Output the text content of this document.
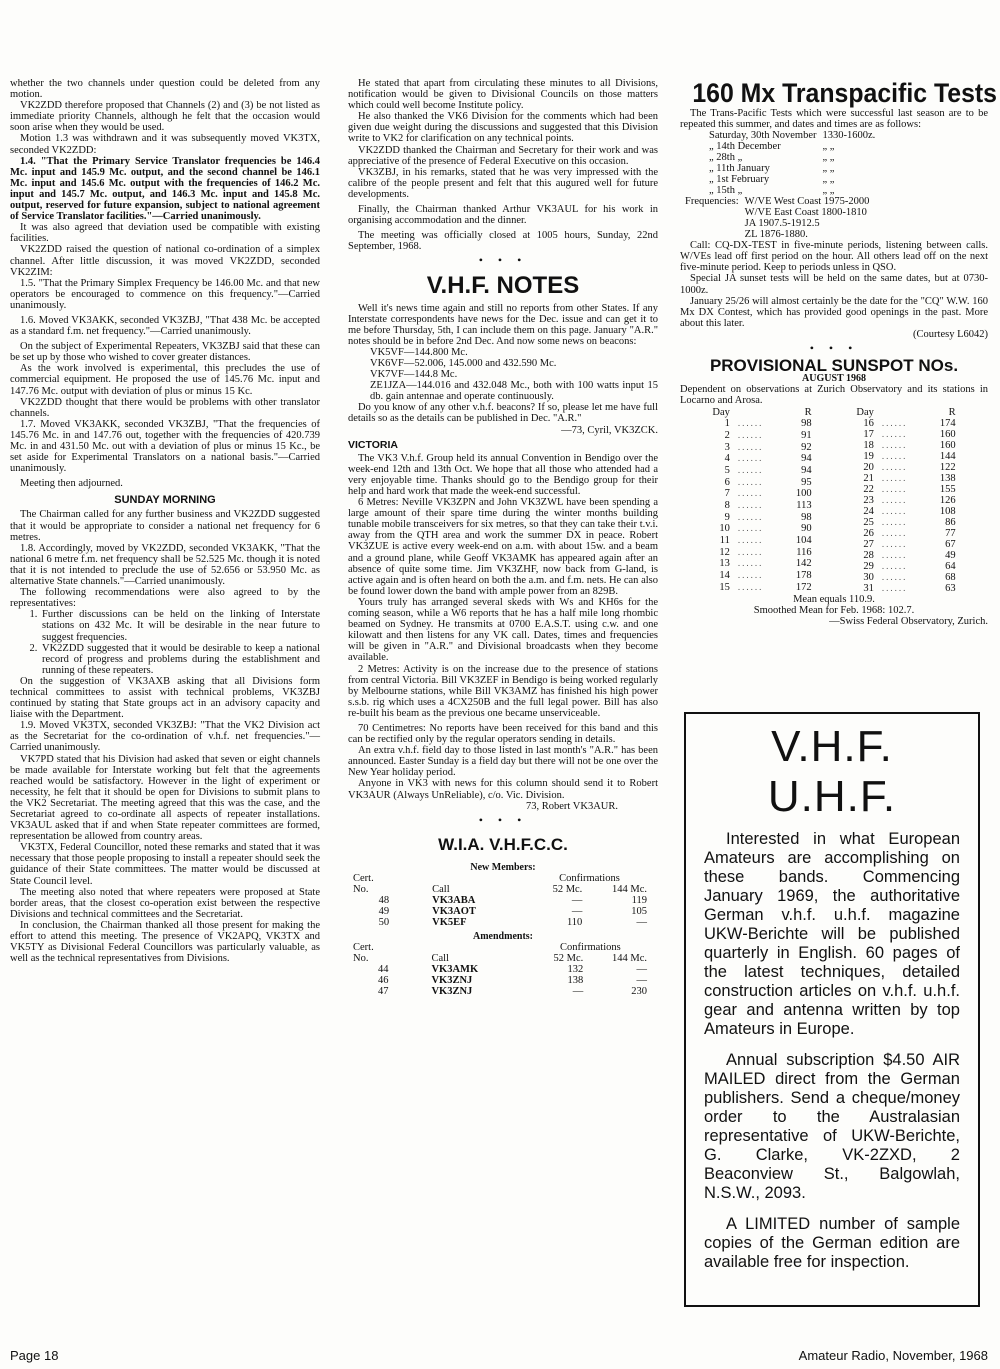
whether the two channels under question could be deleted from any motion.

VK2ZDD therefore proposed that Channels (2) and (3) be not listed as immediate priority Channels, although he felt that the occasion would soon arise when they would be used.

Motion 1.3 was withdrawn and it was subsequently moved VK3TX, seconded VK2ZDD:

1.4. "That the Primary Service Translator frequencies be 146.4 Mc. input and 145.9 Mc. output, and the second channel be 146.1 Mc. input and 145.6 Mc. output with the frequencies of 146.2 Mc. input and 145.7 Mc. output, and 146.3 Mc. input and 145.8 Mc. output, reserved for future expansion, subject to national agreement of Service Translator facilities."—Carried unanimously.

It was also agreed that deviation used be compatible with existing facilities.

VK2ZDD raised the question of national co-ordination of a simplex channel. After little discussion, it was moved VK2ZDD, seconded VK2ZIM:

1.5. "That the Primary Simplex Frequency be 146.00 Mc. and that new operators be encouraged to commence on this frequency."—Carried unanimously.

1.6. Moved VK3AKK, seconded VK3ZBJ, "That 438 Mc. be accepted as a standard f.m. net frequency."—Carried unanimously.

On the subject of Experimental Repeaters, VK3ZBJ said that these can be set up by those who wished to cover greater distances.

As the work involved is experimental, this precludes the use of commercial equipment. He proposed the use of 145.76 Mc. input and 147.76 Mc. output with deviation of plus or minus 15 Kc.

VK2ZDD thought that there would be problems with other translator channels.

1.7. Moved VK3AKK, seconded VK3ZBJ, "That the frequencies of 145.76 Mc. in and 147.76 out, together with the frequencies of 420.739 Mc. in and 431.50 Mc. out with a deviation of plus or minus 15 Kc., be set aside for Experimental Translators on a national basis."—Carried unanimously.

Meeting then adjourned.

SUNDAY MORNING

The Chairman called for any further business and VK2ZDD suggested that it would be appropriate to consider a national net frequency for 6 metres.

1.8. Accordingly, moved by VK2ZDD, seconded VK3AKK, "That the national 6 metre f.m. net frequency shall be 52.525 Mc. though it is noted that it is not intended to preclude the use of 52.656 or 53.950 Mc. as alternative State channels."—Carried unanimously.

The following recommendations were also agreed to by the representatives:

1. Further discussions can be held on the linking of Interstate stations on 432 Mc. It will be desirable in the near future to suggest frequencies.
2. VK2ZDD suggested that it would be desirable to keep a national record of progress and problems during the establishment and running of these repeaters.

On the suggestion of VK3AXB asking that all Divisions form technical committees to assist with technical problems, VK3ZBJ continued by stating that State groups act in an advisory capacity and liaise with the Department.

1.9. Moved VK3TX, seconded VK3ZBJ: "That the VK2 Division act as the Secretariat for the co-ordination of v.h.f. net frequencies."—Carried unanimously.

VK7PD stated that his Division had asked that seven or eight channels be made available for Interstate working but felt that the agreements reached would be satisfactory. However in the light of experiment or necessity, he felt that it should be open for Divisions to submit plans to the VK2 Secretariat. The meeting agreed that this was the case, and the Secretariat agreed to co-ordinate all aspects of repeater installations. VK3AUL asked that if and when State repeater committees are formed, representation be allowed from country areas.

VK3TX, Federal Councillor, noted these remarks and stated that it was necessary that those people proposing to install a repeater should seek the guidance of their State committees. The matter would be discussed at State Council level.

The meeting also noted that where repeaters were proposed at State border areas, that the closest co-operation exist between the respective Divisions and technical committees and the Secretariat.

In conclusion, the Chairman thanked all those present for making the effort to attend this meeting. The presence of VK2APQ, VK3TX and VK5TY as Divisional Federal Councillors was particularly valuable, as well as the technical representatives from Divisions.

He stated that apart from circulating these minutes to all Divisions, notification would be given to Divisional Councils on those matters which could well become Institute policy.

He also thanked the VK6 Division for the comments which had been given due weight during the discussions and suggested that this Division write to VK2 for clarification on any technical points.

VK2ZDD thanked the Chairman and Secretary for their work and was appreciative of the presence of Federal Executive on this occasion.

VK3ZBJ, in his remarks, stated that he was very impressed with the calibre of the people present and felt that this augured well for future developments.

Finally, the Chairman thanked Arthur VK3AUL for his work in organising accommodation and the dinner.

The meeting was officially closed at 1005 hours, Sunday, 22nd September, 1968.

• • •
V.H.F. NOTES

Well it's news time again and still no reports from other States. If any Interstate correspondents have news for the Dec. issue and can get it to me before Thursday, 5th, I can include them on this page. January "A.R." notes should be in before 2nd Dec. And now some news on beacons:

VK5VF—144.800 Mc.
VK6VF—52.006, 145.000 and 432.590 Mc.
VK7VF—144.8 Mc.
ZE1JZA—144.016 and 432.048 Mc., both with 100 watts input 15 db. gain antennae and operate continuously.

Do you know of any other v.h.f. beacons? If so, please let me have full details so as the details can be published in Dec. "A.R."

—73, Cyril, VK3ZCK.
VICTORIA

The VK3 V.h.f. Group held its annual Convention in Bendigo over the week-end 12th and 13th Oct. We hope that all those who attended had a very enjoyable time. Thanks should go to the Bendigo group for their help and hard work that made the week-end successful.

6 Metres: Neville VK3ZPN and John VK3ZWL have been spending a large amount of their spare time during the winter months building tunable mobile transceivers for six metres, so that they can take their t.v.i. away from the QTH area and work the summer DX in peace. Robert VK3ZUE is active every week-end on a.m. with about 15w. and a beam and a ground plane, while Geoff VK3AMK has appeared again after an absence of quite some time. Jim VK3ZHF, now back from G-land, is active again and is often heard on both the a.m. and f.m. nets. He can also be found lower down the band with ample power from an 829B.

Yours truly has arranged several skeds with Ws and KH6s for the coming season, while a W6 reports that he has a half mile long rhombic beamed on Sydney. He transmits at 0700 E.A.S.T. using c.w. and one kilowatt and then listens for any VK call. Dates, times and frequencies will be given in "A.R." and Divisional broadcasts when they become available.

2 Metres: Activity is on the increase due to the presence of stations from central Victoria. Bill VK3ZEF in Bendigo is being worked regularly by Melbourne stations, while Bill VK3AMZ has finished his high power s.s.b. rig which uses a 4CX250B and the full legal power. Bill has also re-built his beam as the previous one became unserviceable.

70 Centimetres: No reports have been received for this band and this can be rectified only by the regular operators sending in details.

An extra v.h.f. field day to those listed in last month's "A.R." has been announced. Easter Sunday is a field day but there will not be one over the New Year holiday period.

Anyone in VK3 with news for this column should send it to Robert VK3AUR (Always UnReliable), c/o. Vic. Division.

73, Robert VK3AUR.
• • •
W.I.A. V.H.F.C.C.
New Members:
Cert.		Confirmations	
No.	Call	52 Mc.	144 Mc.
48	VK3ABA	—	119
49	VK3AOT	—	105
50	VK5EF	110	—
Amendments:
Cert.		Confirmations	
No.	Call	52 Mc.	144 Mc.
44	VK3AMK	132	—
46	VK3ZNJ	138	—
47	VK3ZNJ	—	230
160 Mx Transpacific Tests

The Trans-Pacific Tests which were successful last season are to be repeated this summer, and dates and times are as follows:

Saturday, 30th November	1330-1600z.
„ 14th December	„ „
„ 28th „	„ „
„ 11th January	„ „
„ 1st February	„ „
„ 15th „	„ „
Frequencies:	W/VE West Coast 1975-2000
	W/VE East Coast 1800-1810
	JA 1907.5-1912.5
	ZL 1876-1880.

Call: CQ-DX-TEST in five-minute periods, listening between calls. W/VEs lead off first period on the hour. All others lead off on the next five-minute period. Keep to periods unless in QSO.

Special JA sunset tests will be held on the same dates, but at 0730-1000z.

January 25/26 will almost certainly be the date for the "CQ" W.W. 160 Mx DX Contest, which has provided good openings in the past. More about this later.

(Courtesy L6042)
• • •
PROVISIONAL SUNSPOT NOs.
AUGUST 1968

Dependent on observations at Zurich Observatory and its stations in Locarno and Arosa.

Day		R
1	......	98
2	......	91
3	......	92
4	......	94
5	......	94
6	......	95
7	......	100
8	......	113
9	......	98
10	......	90
11	......	104
12	......	116
13	......	142
14	......	178
15	......	172
Day		R
16	......	174
17	......	160
18	......	160
19	......	144
20	......	122
21	......	138
22	......	155
23	......	126
24	......	108
25	......	86
26	......	77
27	......	67
28	......	49
29	......	64
30	......	68
31	......	63
Mean equals 110.9.
Smoothed Mean for Feb. 1968: 102.7.
—Swiss Federal Observatory, Zurich.
V.H.F. U.H.F.

Interested in what European Amateurs are accomplishing on these bands. Commencing January 1969, the authoritative German v.h.f. u.h.f. magazine UKW-Berichte will be published quarterly in English. 60 pages of the latest techniques, detailed construction articles on v.h.f. u.h.f. gear and antenna written by top Amateurs in Europe.

Annual subscription $4.50 AIR MAILED direct from the German publishers. Send a cheque/money order to the Australasian representative of UKW-Berichte, G. Clarke, VK-2ZXD, 2 Beaconview St., Balgowlah, N.S.W., 2093.

A LIMITED number of sample copies of the German edition are available free for inspection.

Page 18	Amateur Radio, November, 1968
